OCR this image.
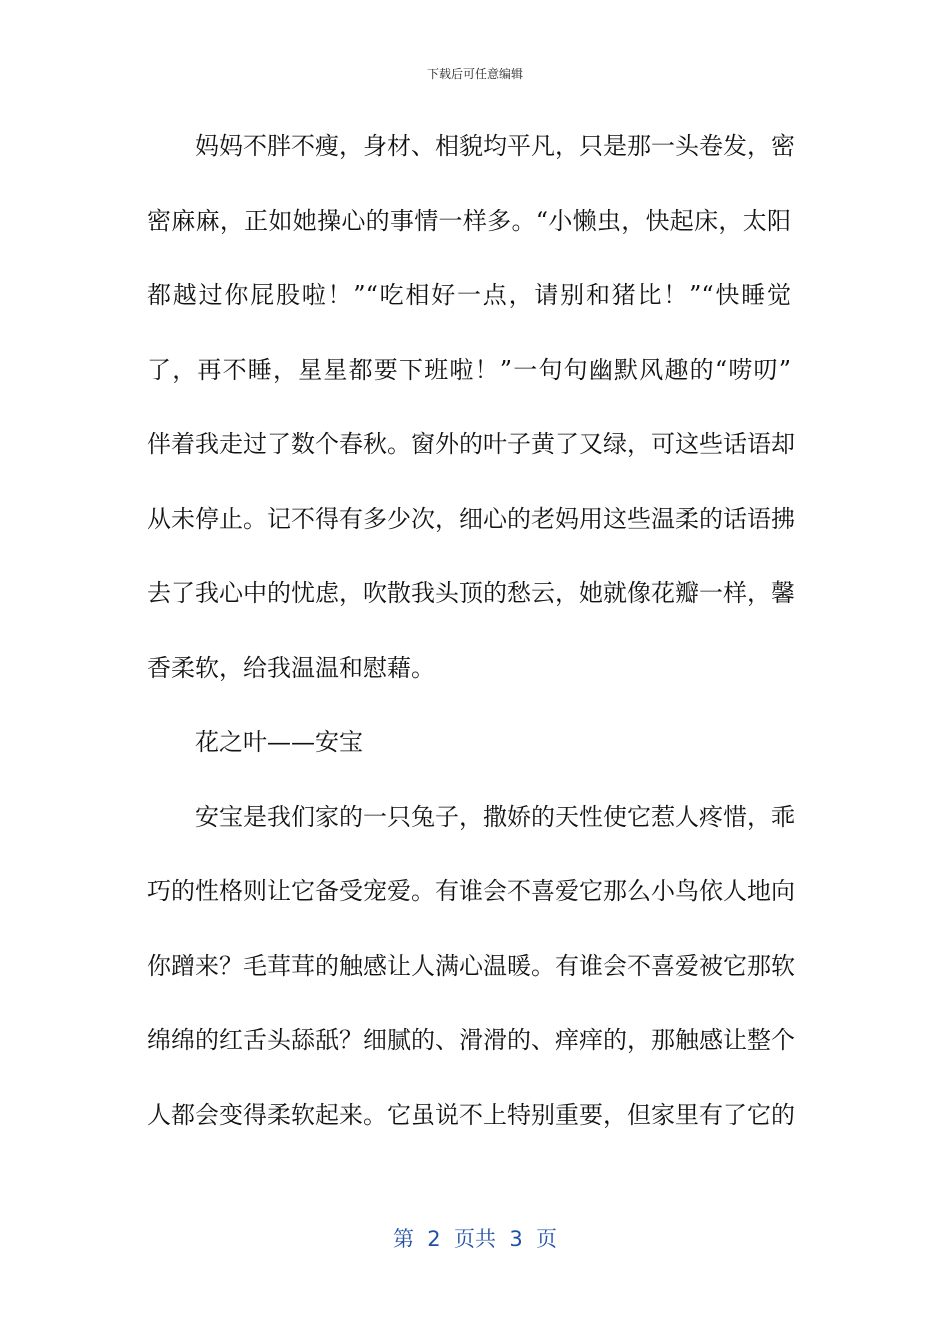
下载后可任意编辑
妈妈不胖不瘦，身材、相貌均平凡，只是那一头卷发，密
密麻麻，正如她操心的事情一样多。“小懒虫，快起床，太阳
都越过你屁股啦！”“吃相好一点，请别和猪比！”“快睡觉
了，再不睡，星星都要下班啦！”一句句幽默风趣的“唠叨”
伴着我走过了数个春秋。窗外的叶子黄了又绿，可这些话语却
从未停止。记不得有多少次，细心的老妈用这些温柔的话语拂
去了我心中的忧虑，吹散我头顶的愁云，她就像花瓣一样，馨
香柔软，给我温温和慰藉。
花之叶——安宝
安宝是我们家的一只兔子，撒娇的天性使它惹人疼惜，乖
巧的性格则让它备受宠爱。有谁会不喜爱它那么小鸟依人地向
你蹭来？毛茸茸的触感让人满心温暖。有谁会不喜爱被它那软
绵绵的红舌头舔舐？细腻的、滑滑的、痒痒的，那触感让整个
人都会变得柔软起来。它虽说不上特别重要，但家里有了它的
第  2  页共  3  页
